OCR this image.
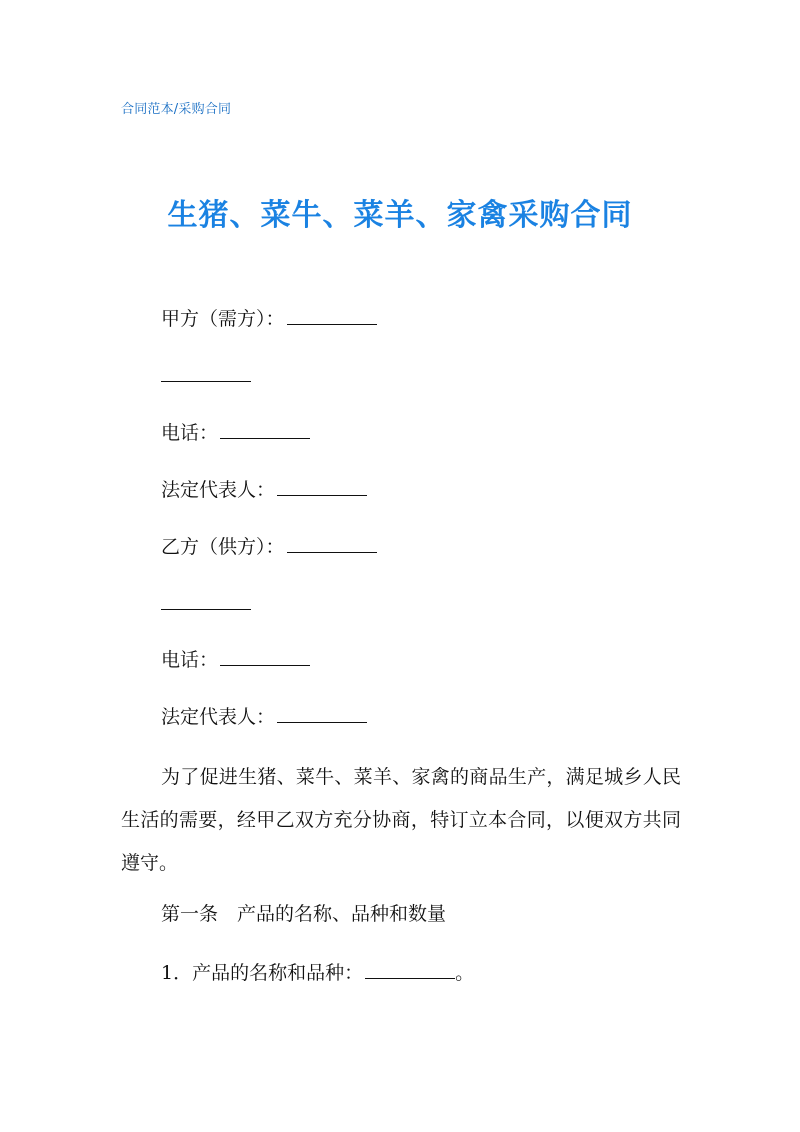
合同范本/采购合同
生猪、菜牛、菜羊、家禽采购合同
甲方（需方）：
电话：
法定代表人：
乙方（供方）：
电话：
法定代表人：
为了促进生猪、菜牛、菜羊、家禽的商品生产，满足城乡人民生活的需要，经甲乙双方充分协商，特订立本合同，以便双方共同遵守。
第一条　产品的名称、品种和数量
1．产品的名称和品种：	。
